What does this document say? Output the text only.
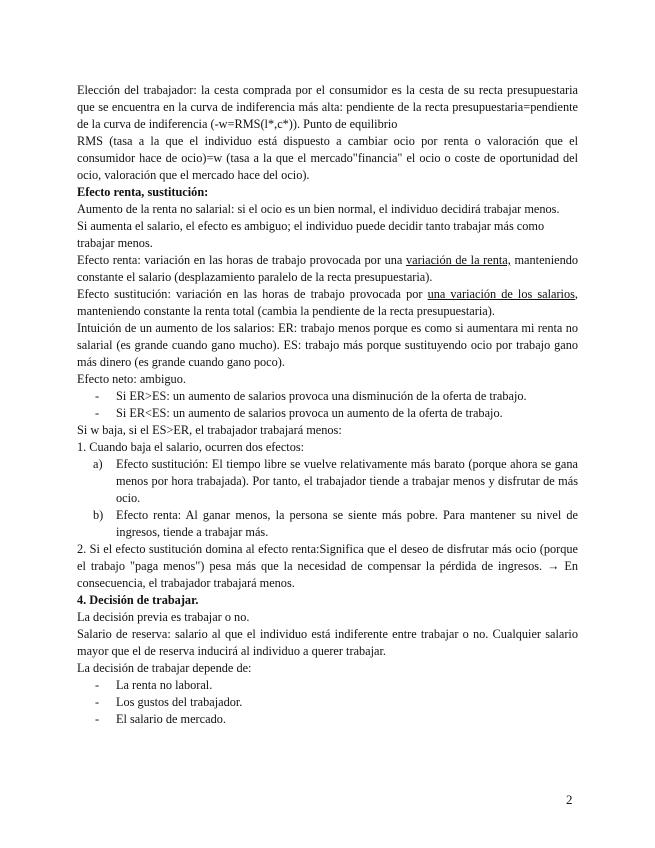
Elección del trabajador: la cesta comprada por el consumidor es la cesta de su recta presupuestaria que se encuentra en la curva de indiferencia más alta: pendiente de la recta presupuestaria=pendiente de la curva de indiferencia (-w=RMS(l*,c*)). Punto de equilibrio

RMS (tasa a la que el individuo está dispuesto a cambiar ocio por renta o valoración que el consumidor hace de ocio)=w (tasa a la que el mercado"financia" el ocio o coste de oportunidad del ocio, valoración que el mercado hace del ocio).

Efecto renta, sustitución:

Aumento de la renta no salarial: si el ocio es un bien normal, el individuo decidirá trabajar menos.

Si aumenta el salario, el efecto es ambiguo; el individuo puede decidir tanto trabajar más como trabajar menos.

Efecto renta: variación en las horas de trabajo provocada por una variación de la renta, manteniendo constante el salario (desplazamiento paralelo de la recta presupuestaria).

Efecto sustitución: variación en las horas de trabajo provocada por una variación de los salarios, manteniendo constante la renta total (cambia la pendiente de la recta presupuestaria).

Intuición de un aumento de los salarios: ER: trabajo menos porque es como si aumentara mi renta no salarial (es grande cuando gano mucho). ES: trabajo más porque sustituyendo ocio por trabajo gano más dinero (es grande cuando gano poco).

Efecto neto: ambiguo.

- Si ER>ES: un aumento de salarios provoca una disminución de la oferta de trabajo.
- Si ER<ES: un aumento de salarios provoca un aumento de la oferta de trabajo.

Si w baja, si el ES>ER, el trabajador trabajará menos:

1. Cuando baja el salario, ocurren dos efectos:

a) Efecto sustitución: El tiempo libre se vuelve relativamente más barato (porque ahora se gana menos por hora trabajada). Por tanto, el trabajador tiende a trabajar menos y disfrutar de más ocio.
b) Efecto renta: Al ganar menos, la persona se siente más pobre. Para mantener su nivel de ingresos, tiende a trabajar más.

2. Si el efecto sustitución domina al efecto renta:Significa que el deseo de disfrutar más ocio (porque el trabajo "paga menos") pesa más que la necesidad de compensar la pérdida de ingresos. → En consecuencia, el trabajador trabajará menos.

4. Decisión de trabajar.

La decisión previa es trabajar o no.

Salario de reserva: salario al que el individuo está indiferente entre trabajar o no. Cualquier salario mayor que el de reserva inducirá al individuo a querer trabajar.

La decisión de trabajar depende de:

- La renta no laboral.
- Los gustos del trabajador.
- El salario de mercado.
2
